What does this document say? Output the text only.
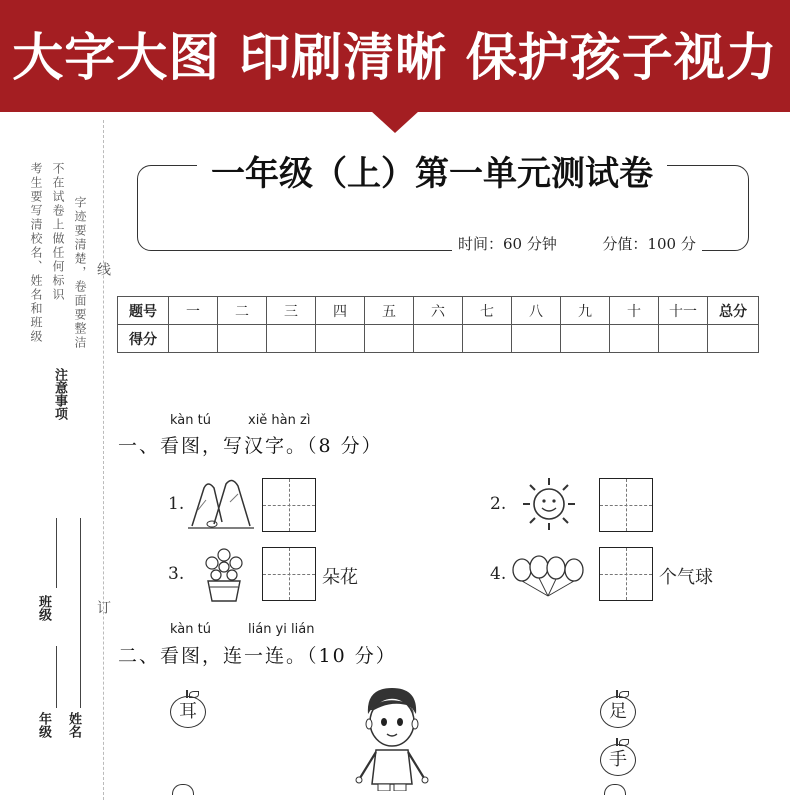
大字大图 印刷清晰 保护孩子视力
考生要写清校名、姓名和班级 不在试卷上做任何标识 字迹要清楚，卷面要整洁 线
订
注意事项
班级
年级 姓名
一年级（上）第一单元测试卷
时间：60 分钟	分值：100 分
题号	一	二	三	四	五	六	七	八	九	十	十一	总分
得分												
kàn tú	xiě hàn zì
一、看图，写汉字。（8 分）
1.	2.
3.	朵花	4.	个气球
kàn tú	lián yi lián
二、看图，连一连。（10 分）
耳	足
手
